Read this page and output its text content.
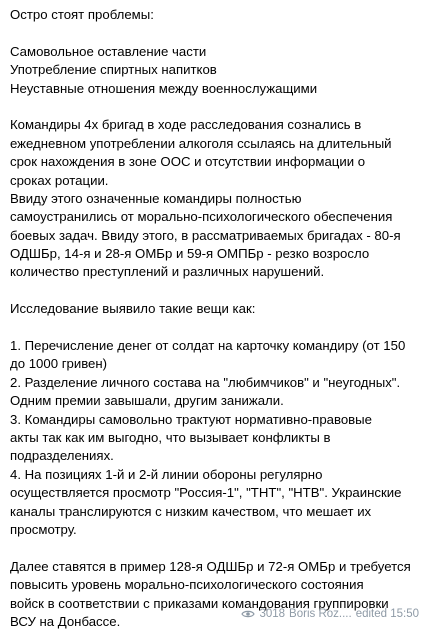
Остро стоят проблемы:
Самовольное оставление части
Употребление спиртных напитков
Неуставные отношения между военнослужащими
Командиры 4х бригад в ходе расследования сознались в
ежедневном употреблении алкоголя ссылаясь на длительный
срок нахождения в зоне ООС и отсутствии информации о
сроках ротации.
Ввиду этого означенные командиры полностью
самоустранились от морально-психологического обеспечения
боевых задач. Ввиду этого, в рассматриваемых бригадах - 80-я
ОДШБр, 14-я и 28-я ОМБр и 59-я ОМПБр - резко возросло
количество преступлений и различных нарушений.
Исследование выявило такие вещи как:
1. Перечисление денег от солдат на карточку командиру (от 150
до 1000 гривен)
2. Разделение личного состава на "любимчиков" и "неугодных".
Одним премии завышали, другим занижали.
3. Командиры самовольно трактуют нормативно-правовые
акты так как им выгодно, что вызывает конфликты в
подразделениях.
4. На позициях 1-й и 2-й линии обороны регулярно
осуществляется просмотр "Россия-1", "ТНТ", "НТВ". Украинские
каналы транслируются с низким качеством, что мешает их
просмотру.
Далее ставятся в пример 128-я ОДШБр и 72-я ОМБр и требуется
повысить уровень морально-психологического состояния
войск в соответствии с приказами командования группировки
ВСУ на Донбассе.	3018 Boris Roz.... edited 15:50
